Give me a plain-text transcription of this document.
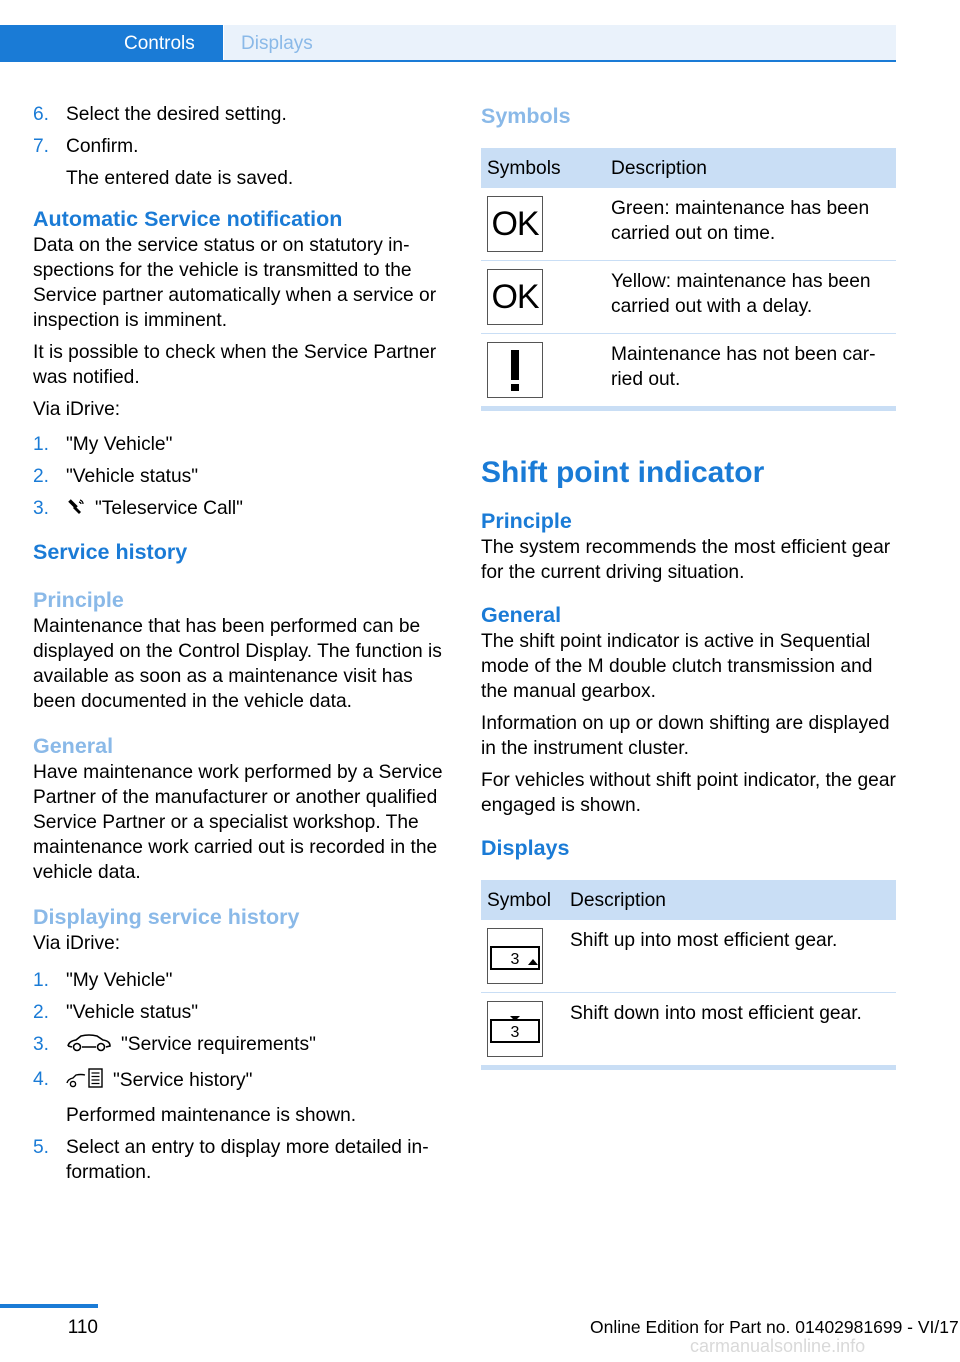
Controls Displays
6. Select the desired setting.
7. Confirm.
The entered date is saved.
Automatic Service notification

Data on the service status or on statutory inspections for the vehicle is transmitted to the Service partner automatically when a service or inspection is imminent.

It is possible to check when the Service Partner was notified.

Via iDrive:

1. "My Vehicle"
2. "Vehicle status"
3. "Teleservice Call"
Service history
Principle

Maintenance that has been performed can be displayed on the Control Display. The function is available as soon as a maintenance visit has been documented in the vehicle data.

General

Have maintenance work performed by a Service Partner of the manufacturer or another qualified Service Partner or a specialist workshop. The maintenance work carried out is recorded in the vehicle data.

Displaying service history

Via iDrive:

1. "My Vehicle"
2. "Vehicle status"
3.	"Service requirements"
4.	"Service history"
Performed maintenance is shown.
5. Select an entry to display more detailed information.
Symbols
Symbols	Description

OK	Green: maintenance has been carried out on time.

OK	Yellow: maintenance has been carried out with a delay.

	Maintenance has not been carried out.
Shift point indicator
Principle

The system recommends the most efficient gear for the current driving situation.

General

The shift point indicator is active in Sequential mode of the M double clutch transmission and the manual gearbox.

Information on up or down shifting are displayed in the instrument cluster.

For vehicles without shift point indicator, the gear engaged is shown.

Displays
Symbol	Description

3	Shift up into most efficient gear.

3	Shift down into most efficient gear.
110	Online Edition for Part no. 01402981699 - VI/17
carmanualsonline.info
